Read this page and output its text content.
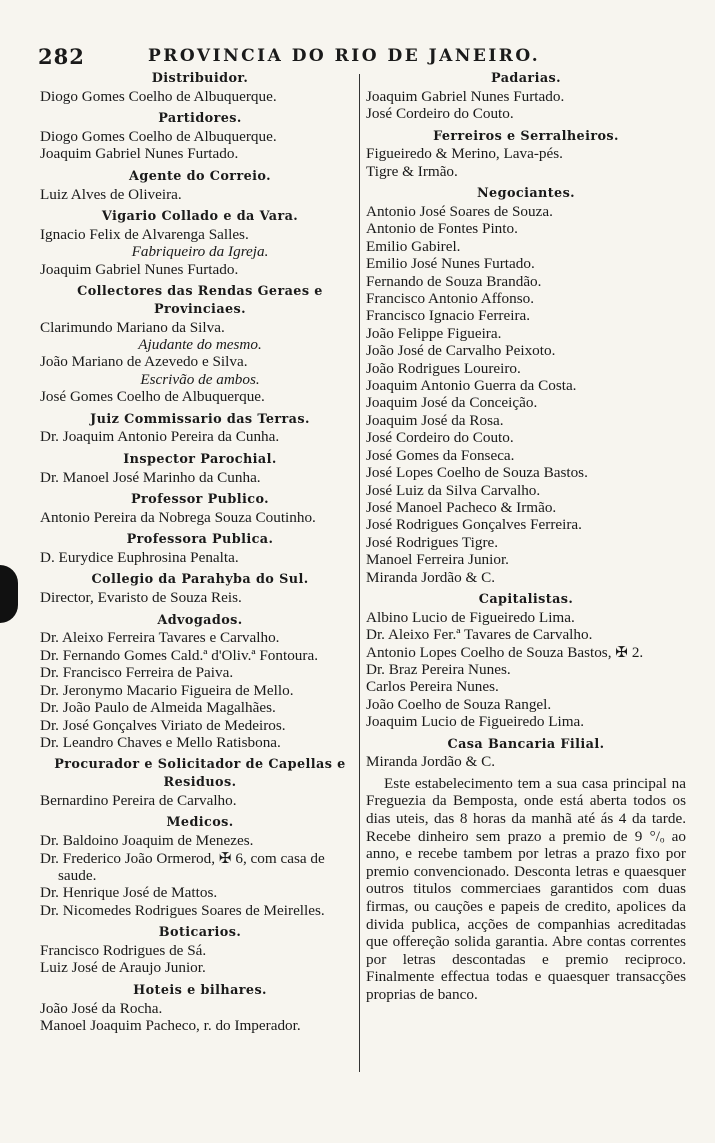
282	PROVINCIA DO RIO DE JANEIRO.
Distribuidor.
Diogo Gomes Coelho de Albuquerque.
Partidores.
Diogo Gomes Coelho de Albuquerque.
Joaquim Gabriel Nunes Furtado.
Agente do Correio.
Luiz Alves de Oliveira.
Vigario Collado e da Vara.
Ignacio Felix de Alvarenga Salles.
Fabriqueiro da Igreja.
Joaquim Gabriel Nunes Furtado.
Collectores das Rendas Geraes e Provinciaes.
Clarimundo Mariano da Silva.
Ajudante do mesmo.
João Mariano de Azevedo e Silva.
Escrivão de ambos.
José Gomes Coelho de Albuquerque.
Juiz Commissario das Terras.
Dr. Joaquim Antonio Pereira da Cunha.
Inspector Parochial.
Dr. Manoel José Marinho da Cunha.
Professor Publico.
Antonio Pereira da Nobrega Souza Coutinho.
Professora Publica.
D. Eurydice Euphrosina Penalta.
Collegio da Parahyba do Sul.
Director, Evaristo de Souza Reis.
Advogados.
Dr. Aleixo Ferreira Tavares e Carvalho.
Dr. Fernando Gomes Cald.ª d'Oliv.ª Fontoura.
Dr. Francisco Ferreira de Paiva.
Dr. Jeronymo Macario Figueira de Mello.
Dr. João Paulo de Almeida Magalhães.
Dr. José Gonçalves Viriato de Medeiros.
Dr. Leandro Chaves e Mello Ratisbona.
Procurador e Solicitador de Capellas e Residuos.
Bernardino Pereira de Carvalho.
Medicos.
Dr. Baldoino Joaquim de Menezes.
Dr. Frederico João Ormerod, ✠ 6, com casa de saude.
Dr. Henrique José de Mattos.
Dr. Nicomedes Rodrigues Soares de Meirelles.
Boticarios.
Francisco Rodrigues de Sá.
Luiz José de Araujo Junior.
Hoteis e bilhares.
João José da Rocha.
Manoel Joaquim Pacheco, r. do Imperador.
Padarias.
Joaquim Gabriel Nunes Furtado.
José Cordeiro do Couto.
Ferreiros e Serralheiros.
Figueiredo & Merino, Lava-pés.
Tigre & Irmão.
Negociantes.
Antonio José Soares de Souza.
Antonio de Fontes Pinto.
Emilio Gabirel.
Emilio José Nunes Furtado.
Fernando de Souza Brandão.
Francisco Antonio Affonso.
Francisco Ignacio Ferreira.
João Felippe Figueira.
João José de Carvalho Peixoto.
João Rodrigues Loureiro.
Joaquim Antonio Guerra da Costa.
Joaquim José da Conceição.
Joaquim José da Rosa.
José Cordeiro do Couto.
José Gomes da Fonseca.
José Lopes Coelho de Souza Bastos.
José Luiz da Silva Carvalho.
José Manoel Pacheco & Irmão.
José Rodrigues Gonçalves Ferreira.
José Rodrigues Tigre.
Manoel Ferreira Junior.
Miranda Jordão & C.
Capitalistas.
Albino Lucio de Figueiredo Lima.
Dr. Aleixo Fer.ª Tavares de Carvalho.
Antonio Lopes Coelho de Souza Bastos, ✠ 2.
Dr. Braz Pereira Nunes.
Carlos Pereira Nunes.
João Coelho de Souza Rangel.
Joaquim Lucio de Figueiredo Lima.
Casa Bancaria Filial.
Miranda Jordão & C.
Este estabelecimento tem a sua casa principal na Freguezia da Bemposta, onde está aberta todos os dias uteis, das 8 horas da manhã até ás 4 da tarde. Recebe dinheiro sem prazo a premio de 9 °/ₒ ao anno, e recebe tambem por letras a prazo fixo por premio convencionado. Desconta letras e quaesquer outros titulos commerciaes garantidos com duas firmas, ou cauções e papeis de credito, apolices da divida publica, acções de companhias acreditadas que offereção solida garantia. Abre contas correntes por letras descontadas e premio reciproco. Finalmente effectua todas e quaesquer transacções proprias de banco.
